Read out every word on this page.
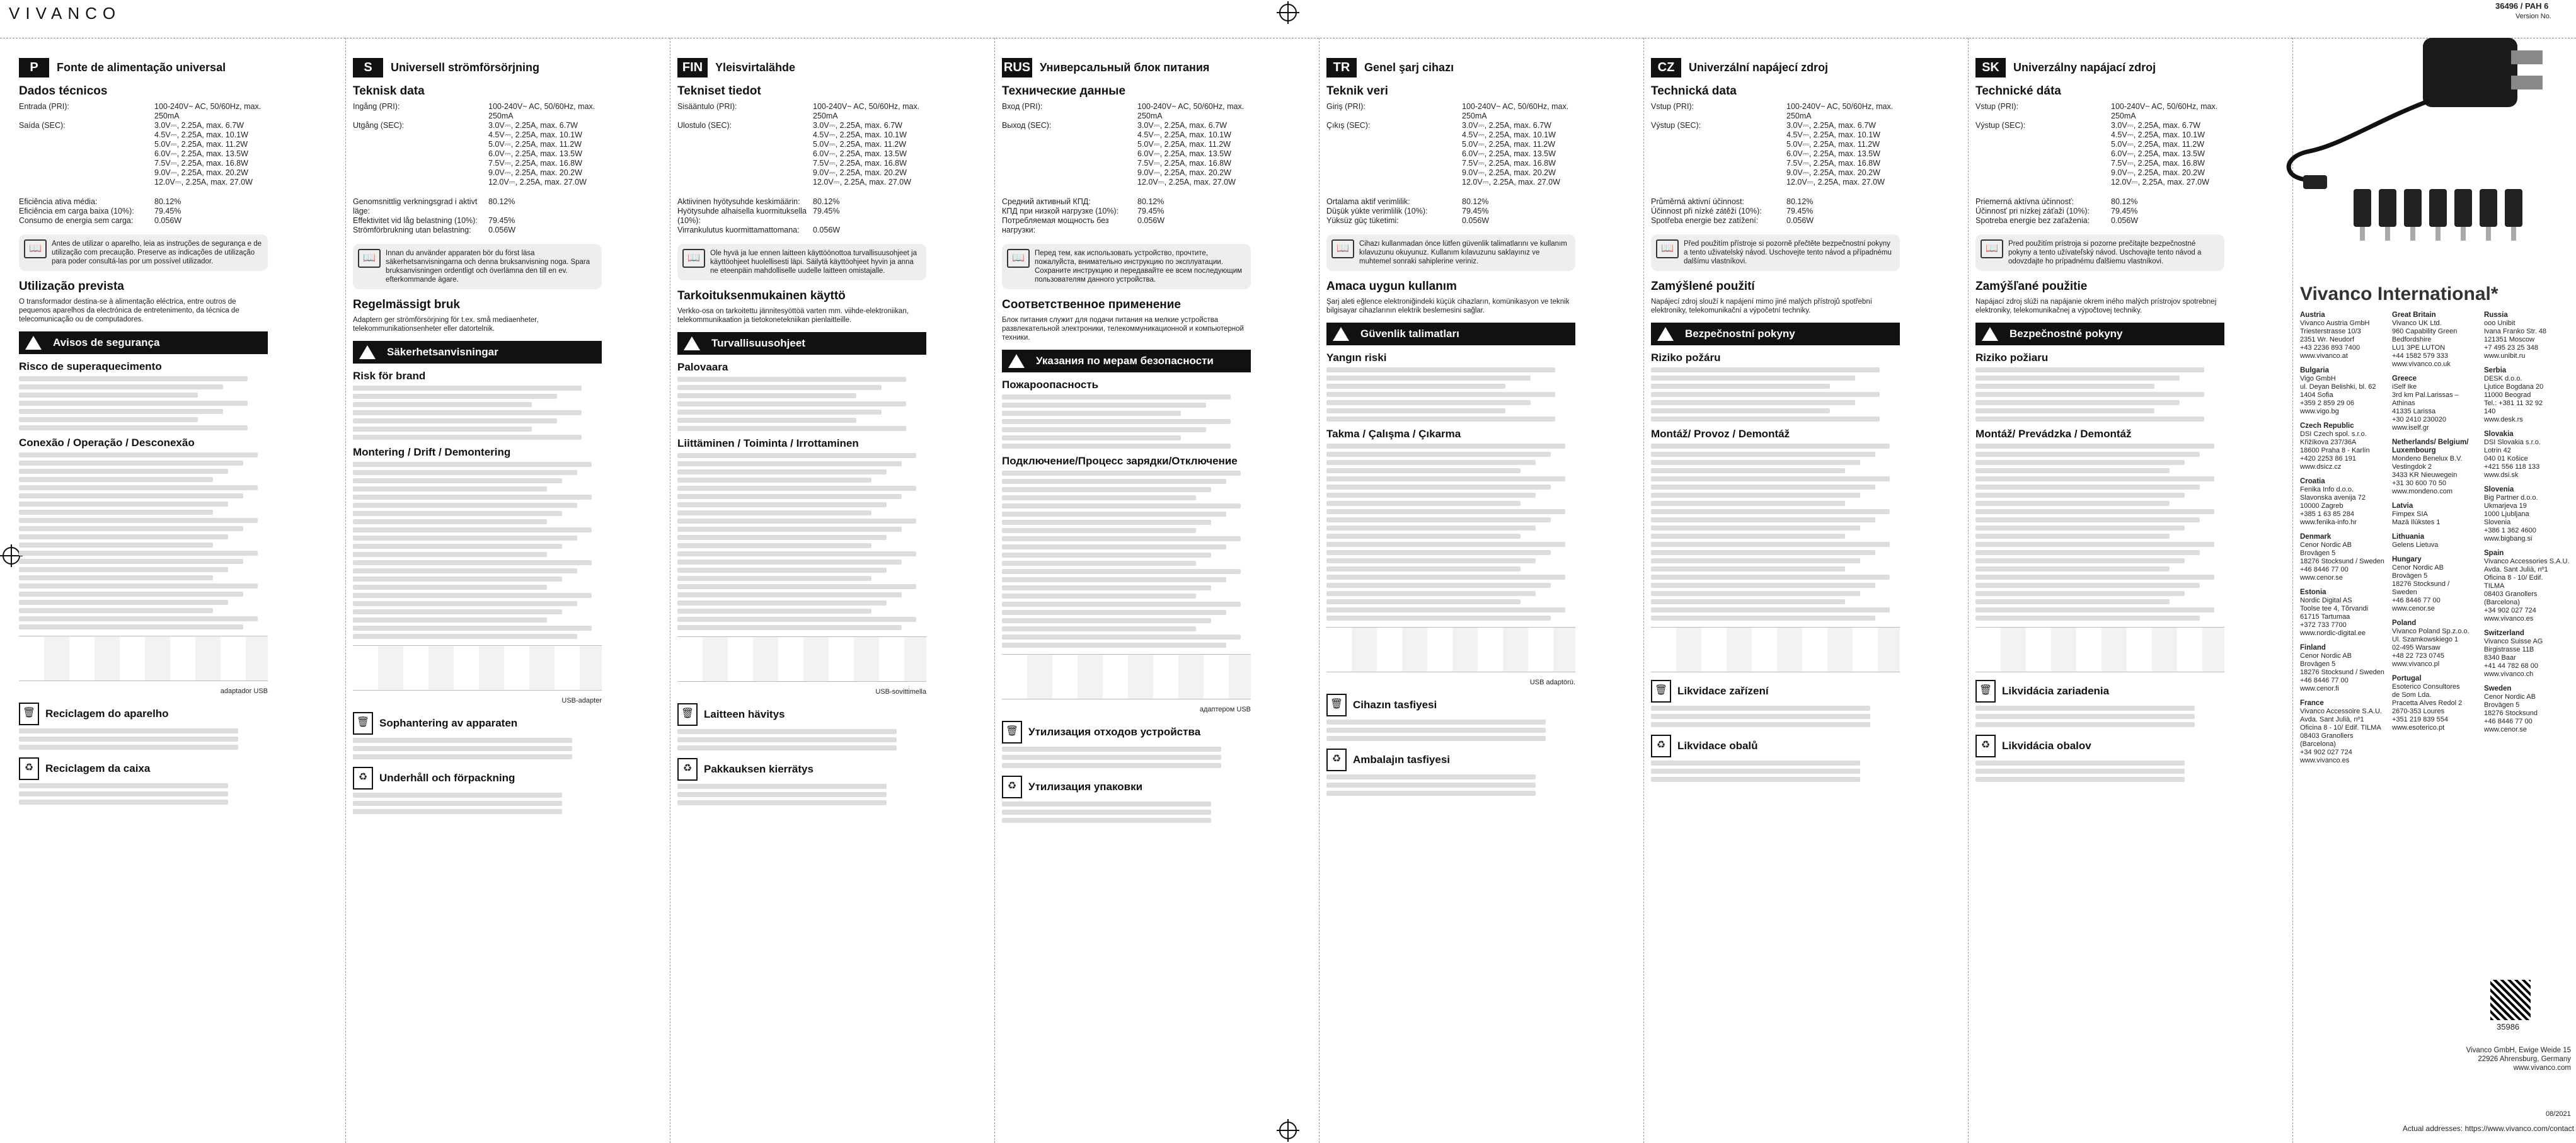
VIVANCO	36496 / PAH 6
Version No.
P	Fonte de alimentação universal
Dados técnicos
Entrada (PRI):	100-240V~ AC, 50/60Hz, max. 250mA
Saída (SEC):	3.0V⎓, 2.25A, max. 6.7W
4.5V⎓, 2.25A, max. 10.1W
5.0V⎓, 2.25A, max. 11.2W
6.0V⎓, 2.25A, max. 13.5W
7.5V⎓, 2.25A, max. 16.8W
9.0V⎓, 2.25A, max. 20.2W
12.0V⎓, 2.25A, max. 27.0W
Eficiência ativa média:	80.12%
Eficiência em carga baixa (10%):	79.45%
Consumo de energia sem carga:	0.056W
📖	Antes de utilizar o aparelho, leia as instruções de segurança e de utilização com precaução. Preserve as indicações de utilização para poder consultá-las por um possível utilizador.
Utilização prevista

O transformador destina-se à alimentação eléctrica, entre outros de pequenos aparelhos da electrónica de entretenimento, da técnica de telecomunicação ou de computadores.

Avisos de segurança
Risco de superaquecimento
Conexão / Operação / Desconexão
adaptador USB
🗑 Reciclagem do aparelho
♻	Reciclagem da caixa
S	Universell strömförsörjning
Teknisk data
Ingång (PRI):	100-240V~ AC, 50/60Hz, max. 250mA
Utgång (SEC):	3.0V⎓, 2.25A, max. 6.7W
4.5V⎓, 2.25A, max. 10.1W
5.0V⎓, 2.25A, max. 11.2W
6.0V⎓, 2.25A, max. 13.5W
7.5V⎓, 2.25A, max. 16.8W
9.0V⎓, 2.25A, max. 20.2W
12.0V⎓, 2.25A, max. 27.0W
Genomsnittlig verkningsgrad i aktivt läge:
80.12%
Effektivitet vid låg belastning (10%):	79.45%
Strömförbrukning utan belastning:	0.056W
📖	Innan du använder apparaten bör du först läsa säkerhetsanvisningarna och denna bruksanvisning noga. Spara bruksanvisningen ordentligt och överlämna den till en ev. efterkommande ägare.
Regelmässigt bruk

Adaptern ger strömförsörjning för t.ex. små mediaenheter, telekommunikationsenheter eller datortelnik.

Säkerhetsanvisningar
Risk för brand
Montering / Drift / Demontering
USB-adapter
🗑 Sophantering av apparaten
♻	Underhåll och förpackning
FIN	Yleisvirtalähde
Tekniset tiedot
Sisääntulo (PRI):	100-240V~ AC, 50/60Hz, max. 250mA
Ulostulo (SEC):	3.0V⎓, 2.25A, max. 6.7W
4.5V⎓, 2.25A, max. 10.1W
5.0V⎓, 2.25A, max. 11.2W
6.0V⎓, 2.25A, max. 13.5W
7.5V⎓, 2.25A, max. 16.8W
9.0V⎓, 2.25A, max. 20.2W
12.0V⎓, 2.25A, max. 27.0W
Aktiivinen hyötysuhde keskimäärin:	80.12%
Hyötysuhde alhaisella kuormituksella (10%):
79.45%
Virrankulutus kuormittamattomana:	0.056W
📖	Ole hyvä ja lue ennen laitteen käyttöönottoa turvallisuusohjeet ja käyttöohjeet huolellisesti läpi. Säilytä käyttöohjeet hyvin ja anna ne eteenpäin mahdolliselle uudelle laitteen omistajalle.
Tarkoituksenmukainen käyttö

Verkko-osa on tarkoitettu jännitesyöttöä varten mm. viihde-elektroniikan, telekommunikaation ja tietokonetekniikan pienlaitteille.

Turvallisuusohjeet
Palovaara
Liittäminen / Toiminta / Irrottaminen
USB-sovittimella
🗑 Laitteen hävitys
♻	Pakkauksen kierrätys
RUS Универсальный блок питания
Технические данные
Вход (PRI):	100-240V~ AC, 50/60Hz, max. 250mA
Выход (SEC):	3.0V⎓, 2.25A, max. 6.7W
4.5V⎓, 2.25A, max. 10.1W
5.0V⎓, 2.25A, max. 11.2W
6.0V⎓, 2.25A, max. 13.5W
7.5V⎓, 2.25A, max. 16.8W
9.0V⎓, 2.25A, max. 20.2W
12.0V⎓, 2.25A, max. 27.0W
Средний активный КПД:	80.12%
КПД при низкой нагрузке (10%):	79.45%
Потребляемая мощность без нагрузки:
0.056W
📖	Перед тем, как использовать устройство, прочтите, пожалуйста, внимательно инструкцию по эксплуатации. Сохраните инструкцию и передавайте ее всем последующим пользователям данного устройства.
Соответственное применение

Блок питания служит для подачи питания на мелкие устройства развлекательной электроники, телекоммуникационной и компьютерной техники.

Указания по мерам безопасности
Пожароопасность
Подключение/Процесс зарядки/Отключение
адаптером USB
🗑 Утилизация отходов устройства
♻	Утилизация упаковки
TR	Genel şarj cihazı
Teknik veri
Giriş (PRI):	100-240V~ AC, 50/60Hz, max. 250mA
Çıkış (SEC):	3.0V⎓, 2.25A, max. 6.7W
4.5V⎓, 2.25A, max. 10.1W
5.0V⎓, 2.25A, max. 11.2W
6.0V⎓, 2.25A, max. 13.5W
7.5V⎓, 2.25A, max. 16.8W
9.0V⎓, 2.25A, max. 20.2W
12.0V⎓, 2.25A, max. 27.0W
Ortalama aktif verimlilik:	80.12%
Düşük yükte verimlilik (10%):	79.45%
Yüksüz güç tüketimi:	0.056W
📖	Cihazı kullanmadan önce lütfen güvenlik talimatlarını ve kullanım kılavuzunu okuyunuz. Kullanım kılavuzunu saklayınız ve muhtemel sonraki sahiplerine veriniz.
Amaca uygun kullanım

Şarj aleti eğlence elektroniğindeki küçük cihazların, komünikasyon ve teknik bilgisayar cihazlarının elektrik beslemesini sağlar.

Güvenlik talimatları
Yangın riski
Takma / Çalışma / Çıkarma
USB adaptörü.
🗑 Cihazın tasfiyesi
♻	Ambalajın tasfiyesi
CZ	Univerzální napájecí zdroj
Technická data
Vstup (PRI):	100-240V~ AC, 50/60Hz, max. 250mA
Výstup (SEC):	3.0V⎓, 2.25A, max. 6.7W
4.5V⎓, 2.25A, max. 10.1W
5.0V⎓, 2.25A, max. 11.2W
6.0V⎓, 2.25A, max. 13.5W
7.5V⎓, 2.25A, max. 16.8W
9.0V⎓, 2.25A, max. 20.2W
12.0V⎓, 2.25A, max. 27.0W
Průměrná aktivní účinnost:	80.12%
Účinnost při nízké zátěži (10%):	79.45%
Spotřeba energie bez zatížení:	0.056W
📖	Před použitím přístroje si pozorně přečtěte bezpečnostní pokyny a tento uživatelský návod. Uschovejte tento návod a případnému dalšímu vlastníkovi.
Zamýšlené použití

Napájecí zdroj slouží k napájení mimo jiné malých přístrojů spotřební elektroniky, telekomunikační a výpočetní techniky.

Bezpečnostní pokyny
Riziko požáru
Montáž/ Provoz / Demontáž
🗑 Likvidace zařízení
♻	Likvidace obalů
SK	Univerzálny napájací zdroj
Technické dáta
Vstup (PRI):	100-240V~ AC, 50/60Hz, max. 250mA
Výstup (SEC):	3.0V⎓, 2.25A, max. 6.7W
4.5V⎓, 2.25A, max. 10.1W
5.0V⎓, 2.25A, max. 11.2W
6.0V⎓, 2.25A, max. 13.5W
7.5V⎓, 2.25A, max. 16.8W
9.0V⎓, 2.25A, max. 20.2W
12.0V⎓, 2.25A, max. 27.0W
Priemerná aktívna účinnosť:	80.12%
Účinnosť pri nízkej záťaži (10%):	79.45%
Spotreba energie bez zaťaženia:	0.056W
📖	Pred použitím prístroja si pozorne prečítajte bezpečnostné pokyny a tento užívateľský návod. Uschovajte tento návod a odovzdajte ho prípadnému ďalšiemu vlastníkovi.
Zamýšľané použitie

Napájací zdroj slúži na napájanie okrem iného malých prístrojov spotrebnej elektroniky, telekomunikačnej a výpočtovej techniky.

Bezpečnostné pokyny
Riziko požiaru
Montáž/ Prevádzka / Demontáž
🗑 Likvidácia zariadenia
♻	Likvidácia obalov
Vivanco International*
Austria
Vivanco Austria GmbH
Triesterstrasse 10/3
2351 Wr. Neudorf
+43 2236 893 7400
www.vivanco.at
Bulgaria
Vigo GmbH
ul. Deyan Belishki, bl. 62
1404 Sofia
+359 2 859 29 06
www.vigo.bg
Czech Republic
DSI Czech spol. s.r.o.
Křižíkova 237/36A
18600 Praha 8 - Karlín
+420 2253 86 191
www.dsicz.cz
Croatia
Fenika Info d.o.o.
Slavonska avenija 72
10000 Zagreb
+385 1 63 85 284
www.fenika-info.hr
Denmark
Cenor Nordic AB
Brovägen 5
18276 Stocksund / Sweden
+46 8446 77 00
www.cenor.se
Estonia
Nordic Digital AS
Toolse tee 4, Tõrvandi
61715 Tartumaa
+372 733 7700
www.nordic-digital.ee
Finland
Cenor Nordic AB
Brovägen 5
18276 Stocksund / Sweden
+46 8446 77 00
www.cenor.fi
France
Vivanco Accessoire S.A.U.
Avda. Sant Julià, nº1
Oficina 8 - 10/ Edif. TILMA
08403 Granollers
(Barcelona)
+34 902 027 724
www.vivanco.es
Great Britain
Vivanco UK Ltd.
960 Capability Green
Bedfordshire
LU1 3PE LUTON
+44 1582 579 333
www.vivanco.co.uk
Greece
iSelf Ike
3rd km Pal.Larissas –
Athinas
41335 Larissa
+30 2410 230020
www.iself.gr
Netherlands/ Belgium/ Luxembourg
Mondeno Benelux B.V.
Vestingdok 2
3433 KR Nieuwegein
+31 30 600 70 50
www.mondeno.com
Latvia
Fimpex SIA
Mazā Ilūkstes 1
Lithuania
Gelens Lietuva
Hungary
Cenor Nordic AB
Brovägen 5
18276 Stocksund /
Sweden
+46 8446 77 00
www.cenor.se
Poland
Vivanco Poland Sp.z.o.o.
Ul. Szamkowskiego 1
02-495 Warsaw
+48 22 723 0745
www.vivanco.pl
Portugal
Esoterico Consultores
de Som Lda.
Pracetta Alves Redol 2
2670-353 Loures
+351 219 839 554
www.esoterico.pt
Russia
ooo Unibit
Ivana Franko Str. 48
121351 Moscow
+7 495 23 25 348
www.unibit.ru
Serbia
DESK d.o.o.
Ljutice Bogdana 20
11000 Beograd
Tel.: +381 11 32 92
140
www.desk.rs
Slovakia
DSI Slovakia s.r.o.
Lotrin 42
040 01 Košice
+421 556 118 133
www.dsi.sk
Slovenia
Big Partner d.o.o.
Ukmarjeva 19
1000 Ljubljana
Slovenia
+386 1 362 4600
www.bigbang.si
Spain
Vivanco Accessories S.A.U.
Avda. Sant Julià, nº1
Oficina 8 - 10/ Edif.
TILMA
08403 Granollers
(Barcelona)
+34 902 027 724
www.vivanco.es
Switzerland
Vivanco Suisse AG
Birgistrasse 11B
8340 Baar
+41 44 782 68 00
www.vivanco.ch
Sweden
Cenor Nordic AB
Brovägen 5
18276 Stocksund
+46 8446 77 00
www.cenor.se
35986
Vivanco GmbH, Ewige Weide 15
22926 Ahrensburg, Germany
www.vivanco.com
08/2021
Actual addresses: https://www.vivanco.com/contact
